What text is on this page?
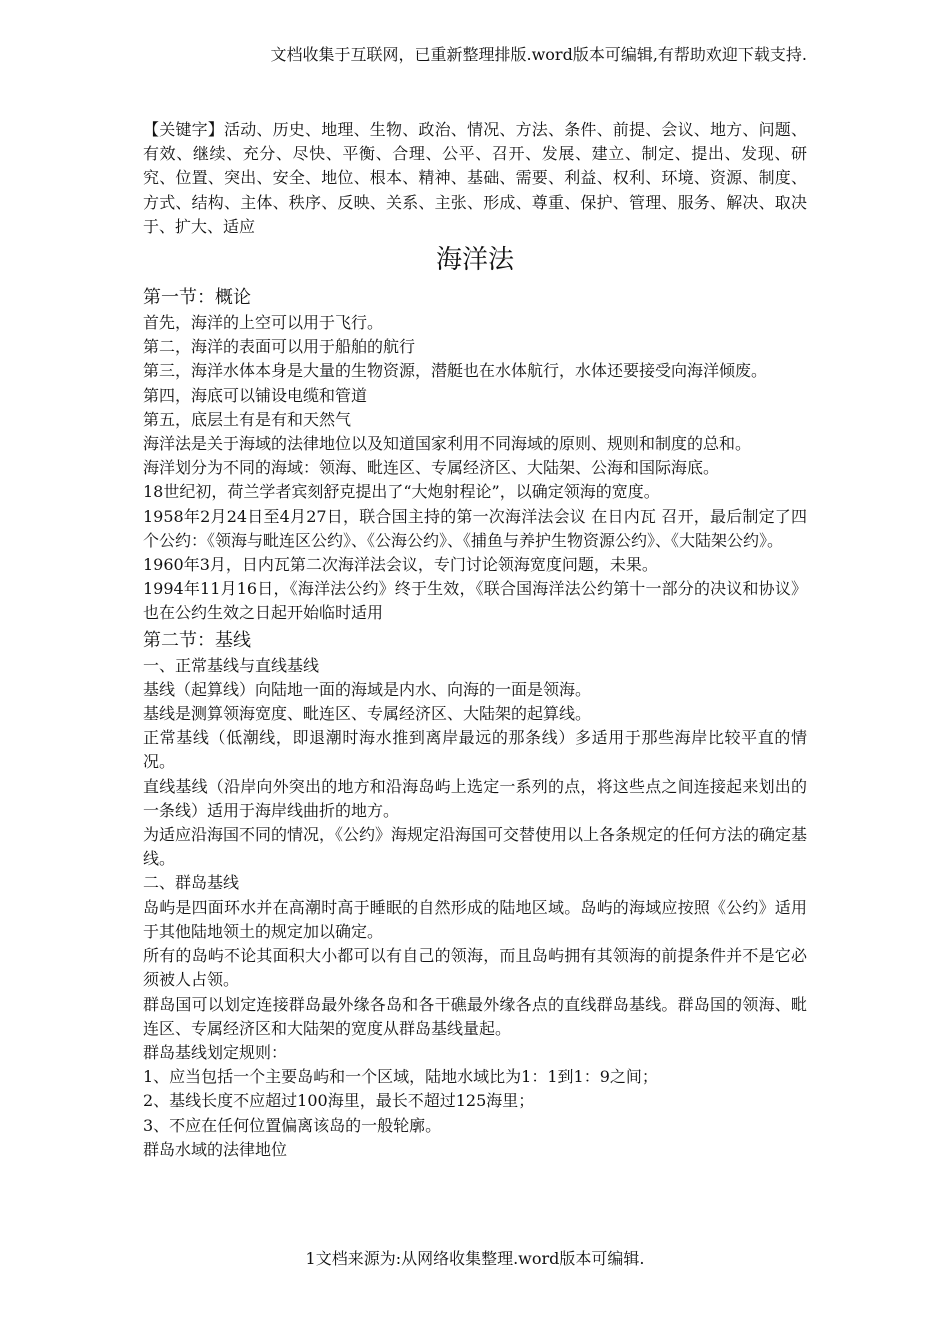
文档收集于互联网，已重新整理排版.word版本可编辑,有帮助欢迎下载支持.

【关键字】活动、历史、地理、生物、政治、情况、方法、条件、前提、会议、地方、问题、有效、继续、充分、尽快、平衡、合理、公平、召开、发展、建立、制定、提出、发现、研究、位置、突出、安全、地位、根本、精神、基础、需要、利益、权利、环境、资源、制度、方式、结构、主体、秩序、反映、关系、主张、形成、尊重、保护、管理、服务、解决、取决于、扩大、适应

海洋法
第一节：概论

首先，海洋的上空可以用于飞行。

第二，海洋的表面可以用于船舶的航行

第三，海洋水体本身是大量的生物资源，潜艇也在水体航行，水体还要接受向海洋倾废。

第四，海底可以铺设电缆和管道

第五，底层土有是有和天然气

海洋法是关于海域的法律地位以及知道国家利用不同海域的原则、规则和制度的总和。

海洋划分为不同的海域：领海、毗连区、专属经济区、大陆架、公海和国际海底。

18世纪初，荷兰学者宾刻舒克提出了“大炮射程论”，以确定领海的宽度。

1958年2月24日至4月27日，联合国主持的第一次海洋法会议 在日内瓦 召开，最后制定了四个公约：《领海与毗连区公约》、《公海公约》、《捕鱼与养护生物资源公约》、《大陆架公约》。

1960年3月，日内瓦第二次海洋法会议，专门讨论领海宽度问题，未果。

1994年11月16日，《海洋法公约》终于生效，《联合国海洋法公约第十一部分的决议和协议》也在公约生效之日起开始临时适用

第二节：基线

一、正常基线与直线基线

基线（起算线）向陆地一面的海域是内水、向海的一面是领海。

基线是测算领海宽度、毗连区、专属经济区、大陆架的起算线。

正常基线（低潮线，即退潮时海水推到离岸最远的那条线）多适用于那些海岸比较平直的情况。

直线基线（沿岸向外突出的地方和沿海岛屿上选定一系列的点，将这些点之间连接起来划出的一条线）适用于海岸线曲折的地方。

为适应沿海国不同的情况，《公约》海规定沿海国可交替使用以上各条规定的任何方法的确定基线。

二、群岛基线

岛屿是四面环水并在高潮时高于睡眠的自然形成的陆地区域。岛屿的海域应按照《公约》适用于其他陆地领土的规定加以确定。

所有的岛屿不论其面积大小都可以有自己的领海，而且岛屿拥有其领海的前提条件并不是它必须被人占领。

群岛国可以划定连接群岛最外缘各岛和各干礁最外缘各点的直线群岛基线。群岛国的领海、毗连区、专属经济区和大陆架的宽度从群岛基线量起。

群岛基线划定规则：

1、应当包括一个主要岛屿和一个区域，陆地水域比为1：1到1：9之间；

2、基线长度不应超过100海里，最长不超过125海里；

3、不应在任何位置偏离该岛的一般轮廓。

群岛水域的法律地位

1文档来源为:从网络收集整理.word版本可编辑.
